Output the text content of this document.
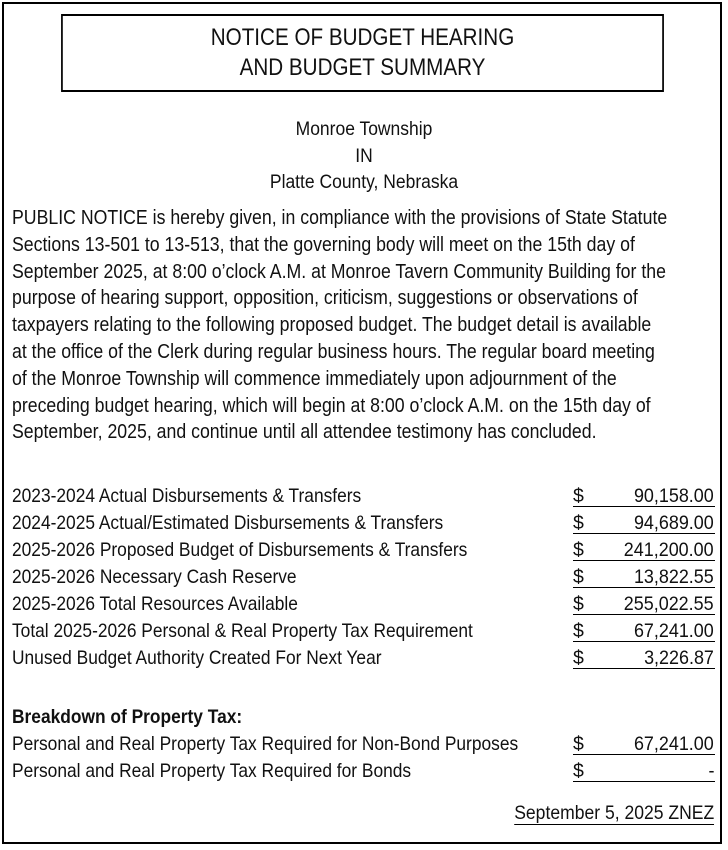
NOTICE OF BUDGET HEARING
AND BUDGET SUMMARY
Monroe Township
IN
Platte County, Nebraska
PUBLIC NOTICE is hereby given, in compliance with the provisions of State Statute
Sections 13-501 to 13-513, that the governing body will meet on the 15th day of
September 2025, at 8:00 o’clock A.M. at Monroe Tavern Community Building for the
purpose of hearing support, opposition, criticism, suggestions or observations of
taxpayers relating to the following proposed budget. The budget detail is available
at the office of the Clerk during regular business hours. The regular board meeting
of the Monroe Township will commence immediately upon adjournment of the
preceding budget hearing, which will begin at 8:00 o’clock A.M. on the 15th day of
September, 2025, and continue until all attendee testimony has concluded.
2023-2024 Actual Disbursements & Transfers	$	90,158.00
2024-2025 Actual/Estimated Disbursements & Transfers	$	94,689.00
2025-2026 Proposed Budget of Disbursements & Transfers	$ 241,200.00
2025-2026 Necessary Cash Reserve	$	13,822.55
2025-2026 Total Resources Available	$ 255,022.55
Total 2025-2026 Personal & Real Property Tax Requirement	$	67,241.00
Unused Budget Authority Created For Next Year	$	3,226.87
Breakdown of Property Tax:
Personal and Real Property Tax Required for Non-Bond Purposes	$	67,241.00
Personal and Real Property Tax Required for Bonds	$	-
September 5, 2025 ZNEZ
